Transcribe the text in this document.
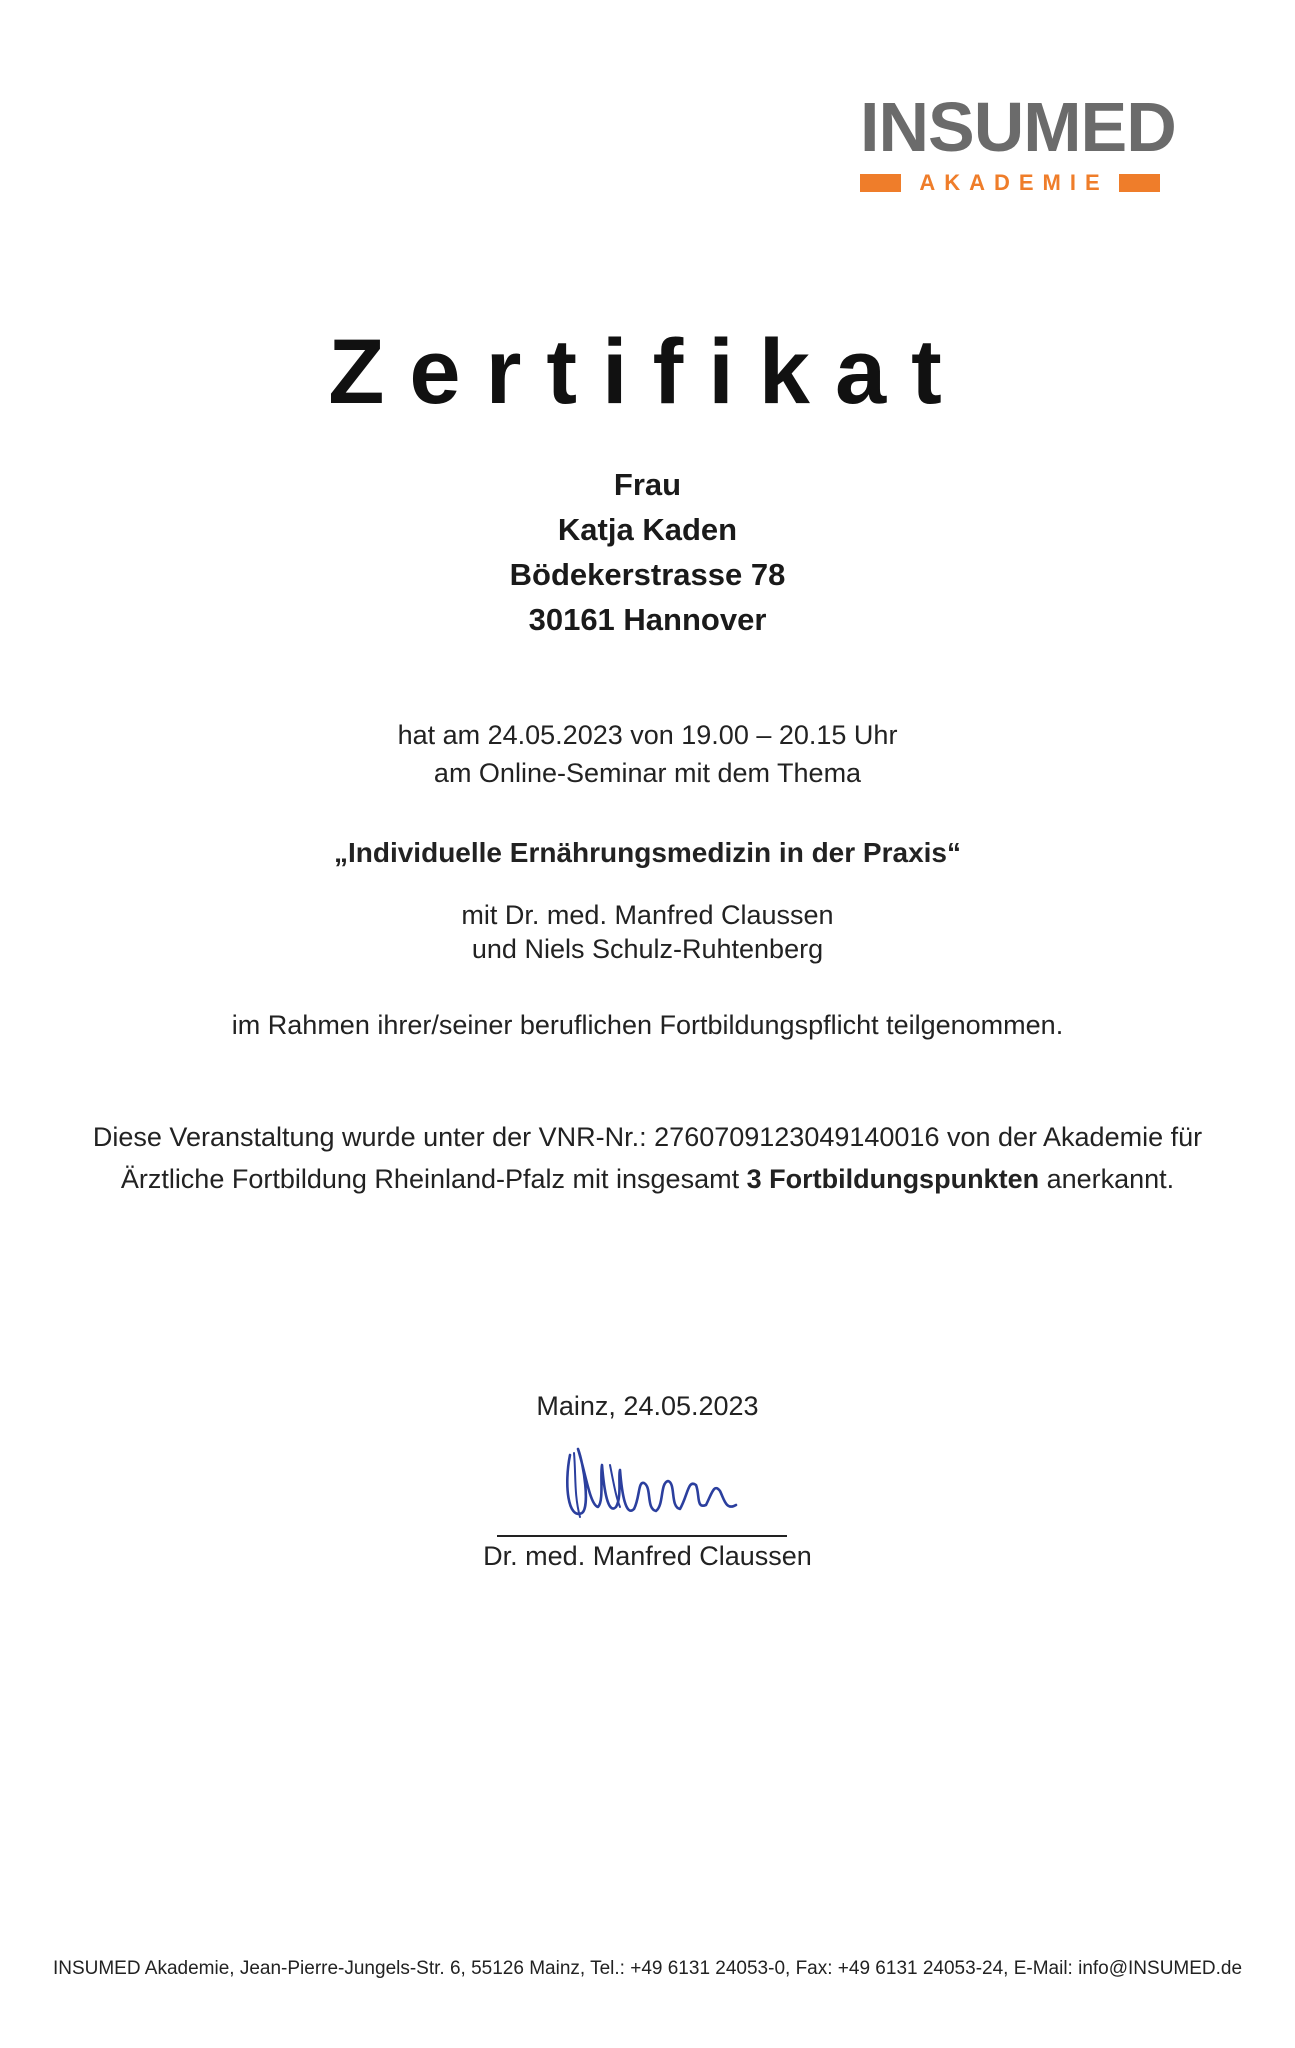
INSUMED
AKADEMIE
Zertifikat
Frau
Katja Kaden
Bödekerstrasse 78
30161 Hannover
hat am 24.05.2023 von 19.00 – 20.15 Uhr
am Online-Seminar mit dem Thema
„Individuelle Ernährungsmedizin in der Praxis“
mit Dr. med. Manfred Claussen
und Niels Schulz-Ruhtenberg
im Rahmen ihrer/seiner beruflichen Fortbildungspflicht teilgenommen.
Diese Veranstaltung wurde unter der VNR-Nr.: 2760709123049140016 von der Akademie für
Ärztliche Fortbildung Rheinland-Pfalz mit insgesamt 3 Fortbildungspunkten anerkannt.
Mainz, 24.05.2023
Dr. med. Manfred Claussen
INSUMED Akademie, Jean-Pierre-Jungels-Str. 6, 55126 Mainz, Tel.: +49 6131 24053-0, Fax: +49 6131 24053-24, E-Mail: info@INSUMED.de
